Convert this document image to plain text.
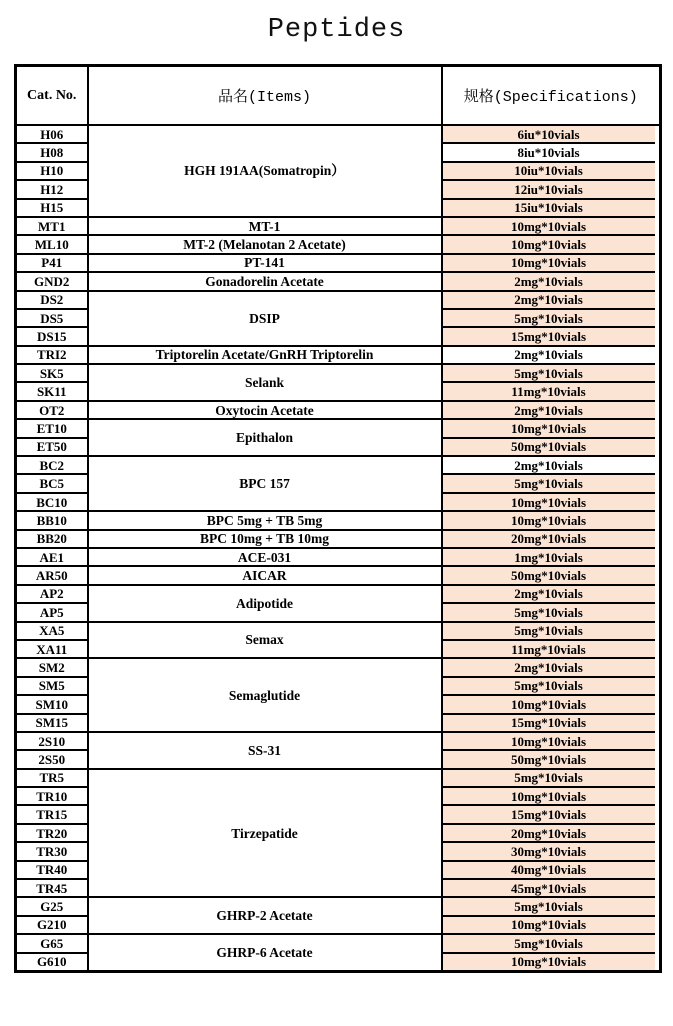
Peptides
Cat. No.	品名(Items)	规格(Specifications)	
H06	HGH 191AA(Somatropin）	6iu*10vials	
H08		8iu*10vials	
H10		10iu*10vials	
H12		12iu*10vials	
H15		15iu*10vials	
MT1	MT-1	10mg*10vials	
ML10	MT-2 (Melanotan 2 Acetate)	10mg*10vials	
P41	PT-141	10mg*10vials	
GND2	Gonadorelin Acetate	2mg*10vials	
DS2	DSIP	2mg*10vials	
DS5		5mg*10vials	
DS15		15mg*10vials	
TRI2	Triptorelin Acetate/GnRH Triptorelin	2mg*10vials	
SK5	Selank	5mg*10vials	
SK11		11mg*10vials	
OT2	Oxytocin Acetate	2mg*10vials	
ET10	Epithalon	10mg*10vials	
ET50		50mg*10vials	
BC2	BPC 157	2mg*10vials	
BC5		5mg*10vials	
BC10		10mg*10vials	
BB10	BPC 5mg + TB 5mg	10mg*10vials	
BB20	BPC 10mg + TB 10mg	20mg*10vials	
AE1	ACE-031	1mg*10vials	
AR50	AICAR	50mg*10vials	
AP2	Adipotide	2mg*10vials	
AP5		5mg*10vials	
XA5	Semax	5mg*10vials	
XA11		11mg*10vials	
SM2	Semaglutide	2mg*10vials	
SM5		5mg*10vials	
SM10		10mg*10vials	
SM15		15mg*10vials	
2S10	SS-31	10mg*10vials	
2S50		50mg*10vials	
TR5	Tirzepatide	5mg*10vials	
TR10		10mg*10vials	
TR15		15mg*10vials	
TR20		20mg*10vials	
TR30		30mg*10vials	
TR40		40mg*10vials	
TR45		45mg*10vials	
G25	GHRP-2 Acetate	5mg*10vials	
G210		10mg*10vials	
G65	GHRP-6 Acetate	5mg*10vials	
G610		10mg*10vials	
